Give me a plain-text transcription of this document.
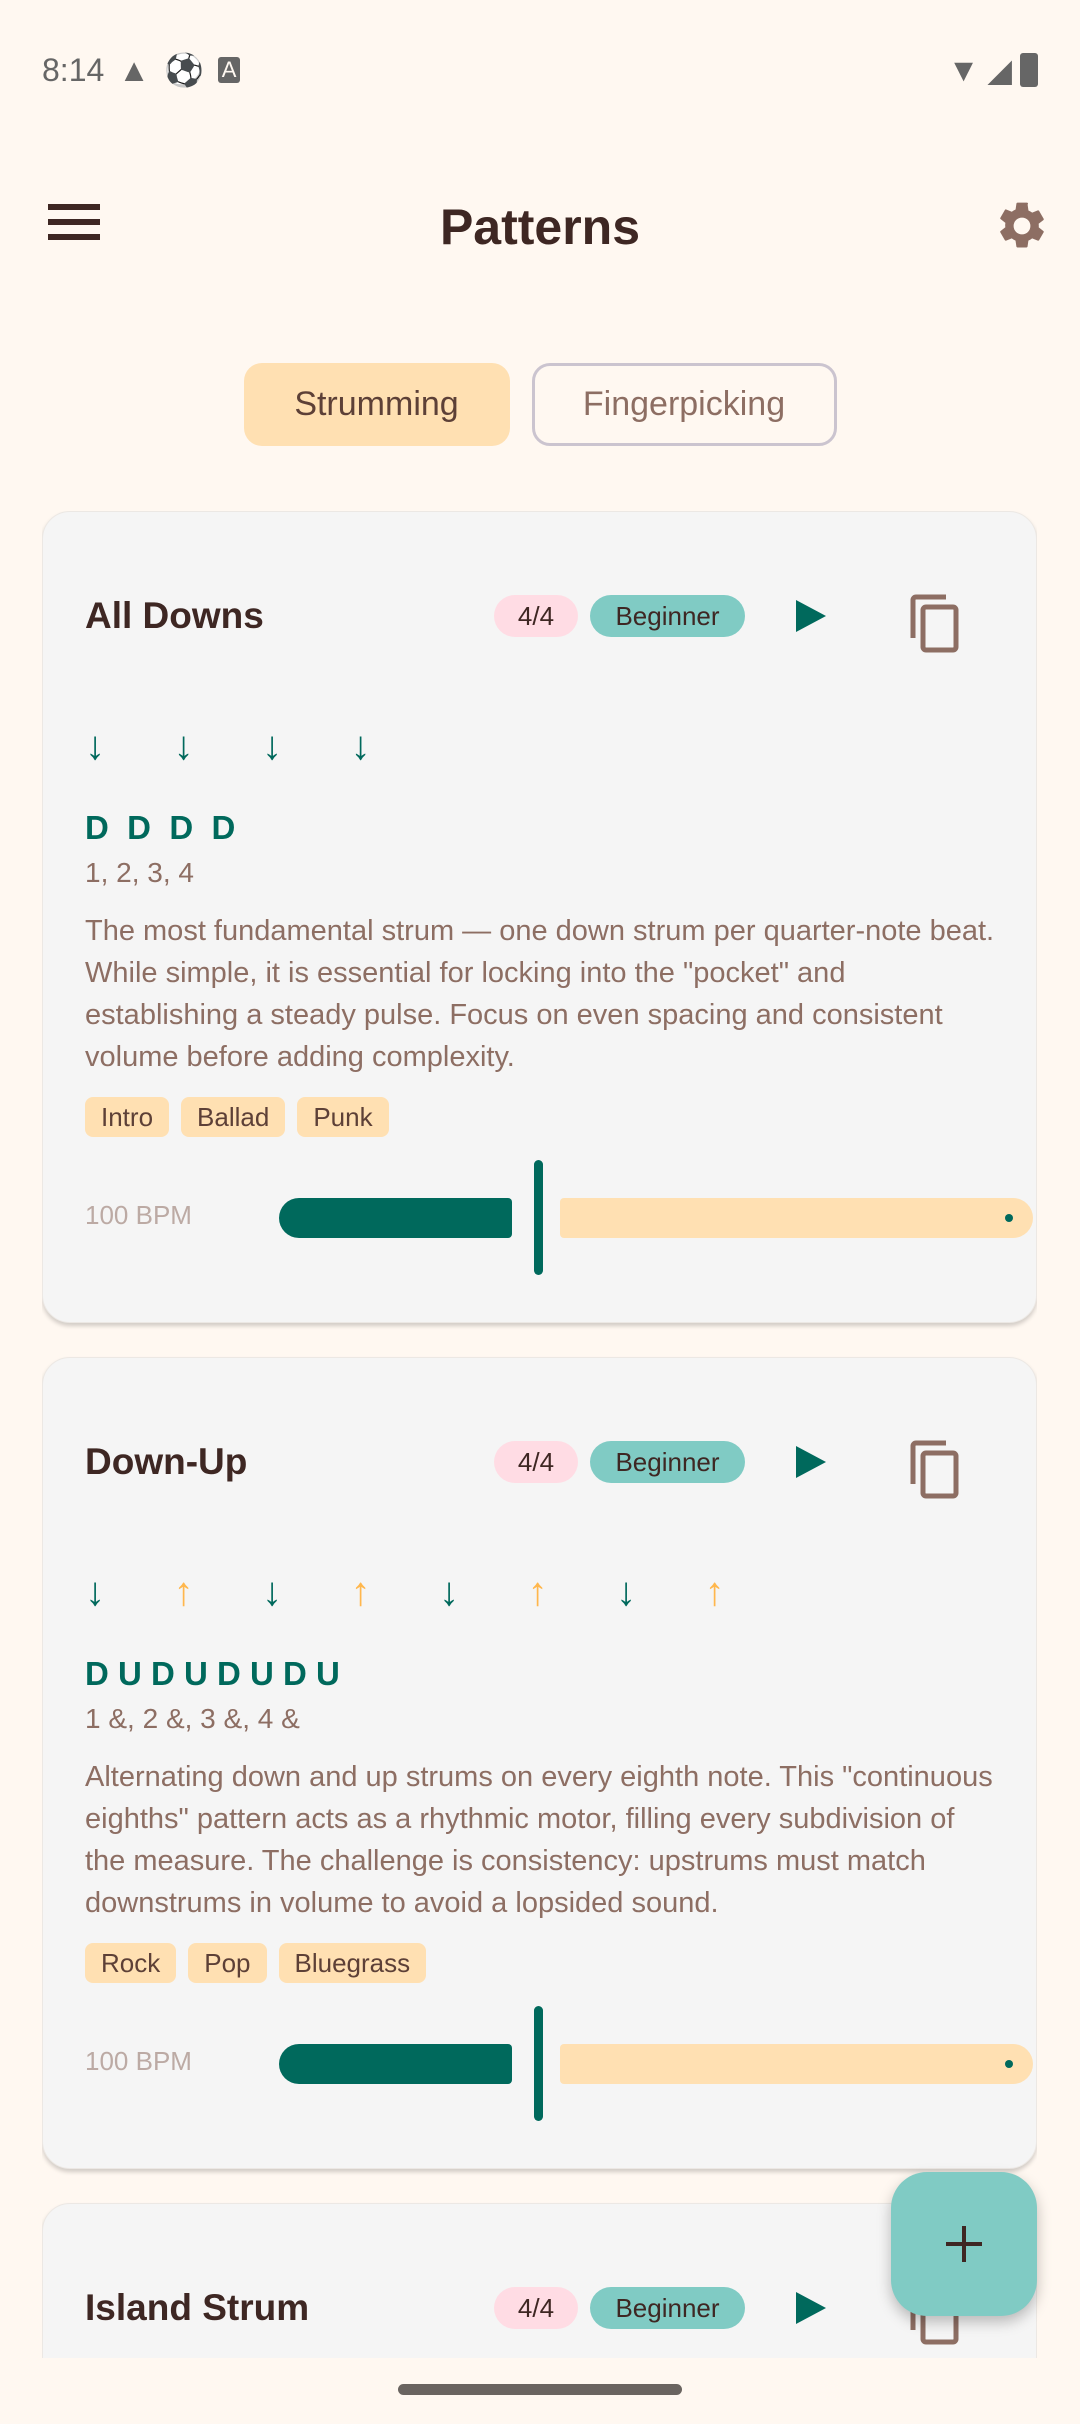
8:14 ▲ ⚽ A	▼ ◢
Patterns
Strumming	Fingerpicking
All Downs	4/4	Beginner
↓	↓	↓	↓
D  D  D  D
1, 2, 3, 4
The most fundamental strum — one down strum per quarter-note beat. While simple, it is essential for locking into the "pocket" and establishing a steady pulse. Focus on even spacing and consistent volume before adding complexity.
Intro	Ballad	Punk
100 BPM
Down-Up	4/4	Beginner
↓	↑	↓	↑	↓	↑	↓	↑
D U D U D U D U
1 &, 2 &, 3 &, 4 &
Alternating down and up strums on every eighth note. This "continuous eighths" pattern acts as a rhythmic motor, filling every subdivision of the measure. The challenge is consistency: upstrums must match downstrums in volume to avoid a lopsided sound.
Rock	Pop	Bluegrass
100 BPM
Island Strum	4/4	Beginner
